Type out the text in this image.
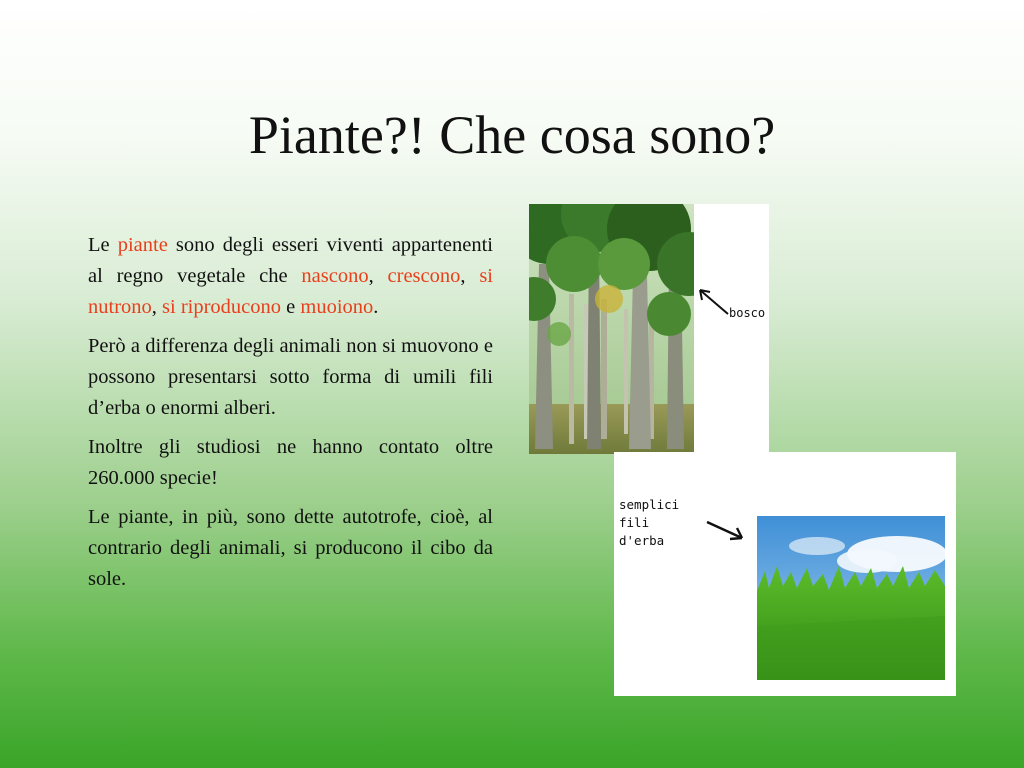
Piante?! Che cosa sono?

Le piante sono degli esseri viventi appartenenti al regno vegetale che nascono, crescono, si nutrono, si riproducono e muoiono.

Però a differenza degli animali non si muovono e possono presentarsi sotto forma di umili fili d’erba o enormi alberi.

Inoltre gli studiosi ne hanno contato oltre 260.000 specie!

Le piante, in più, sono dette autotrofe, cioè, al contrario degli animali, si producono il cibo da sole.

bosco
semplici
fili
d'erba
